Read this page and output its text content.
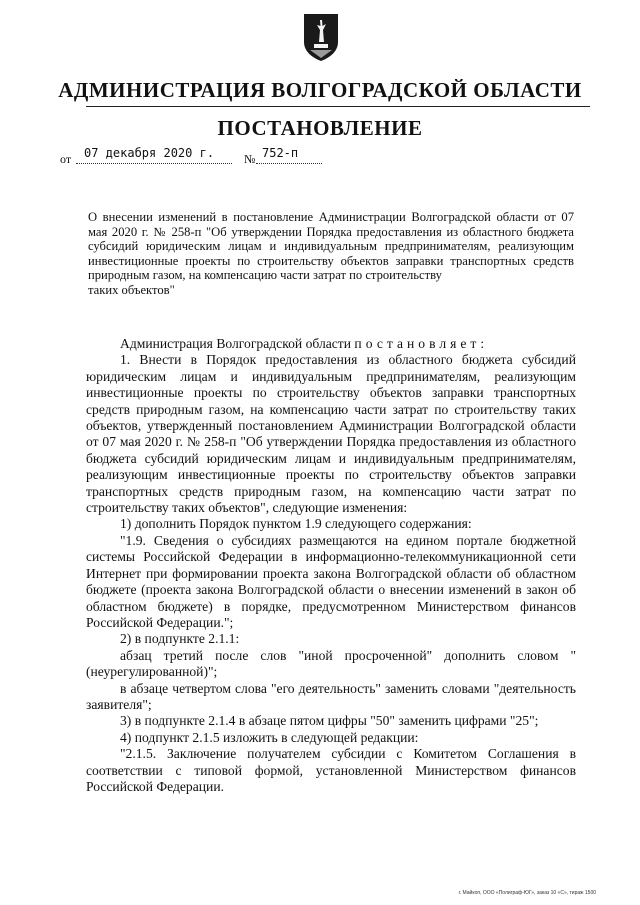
АДМИНИСТРАЦИЯ ВОЛГОГРАДСКОЙ ОБЛАСТИ
ПОСТАНОВЛЕНИЕ
от 07 декабря 2020 г. № 752-п

О внесении изменений в постановление Администрации Волгоградской области от 07 мая 2020 г. № 258-п "Об утверждении Порядка предоставления из областного бюджета субсидий юридическим лицам и индивидуальным предпринимателям, реализующим инвестиционные проекты по строительству объектов заправки транспортных средств природным газом, на компенсацию части затрат по строительству

таких объектов"

Администрация Волгоградской области постановляет:

1. Внести в Порядок предоставления из областного бюджета субсидий юридическим лицам и индивидуальным предпринимателям, реализующим инвестиционные проекты по строительству объектов заправки транспортных средств природным газом, на компенсацию части затрат по строительству таких объектов, утвержденный постановлением Администрации Волгоградской области от 07 мая 2020 г. № 258-п "Об утверждении Порядка предоставления из областного бюджета субсидий юридическим лицам и индивидуальным предпринимателям, реализующим инвестиционные проекты по строительству объектов заправки транспортных средств природным газом, на компенсацию части затрат по строительству таких объектов", следующие изменения:

1) дополнить Порядок пунктом 1.9 следующего содержания:

"1.9. Сведения о субсидиях размещаются на едином портале бюджетной системы Российской Федерации в информационно-телекоммуникационной сети Интернет при формировании проекта закона Волгоградской области об областном бюджете (проекта закона Волгоградской области о внесении изменений в закон об областном бюджете) в порядке, предусмотренном Министерством финансов Российской Федерации.";

2) в подпункте 2.1.1:

абзац третий после слов "иной просроченной" дополнить словом "(неурегулированной)";

в абзаце четвертом слова "его деятельность" заменить словами "деятельность заявителя";

3) в подпункте 2.1.4 в абзаце пятом цифры "50" заменить цифрами "25";

4) подпункт 2.1.5 изложить в следующей редакции:

"2.1.5. Заключение получателем субсидии с Комитетом Соглашения в соответствии с типовой формой, установленной Министерством финансов Российской Федерации.

г. Майкоп, ООО «Полиграф-ЮГ», заказ 10 «С», тираж 1500
